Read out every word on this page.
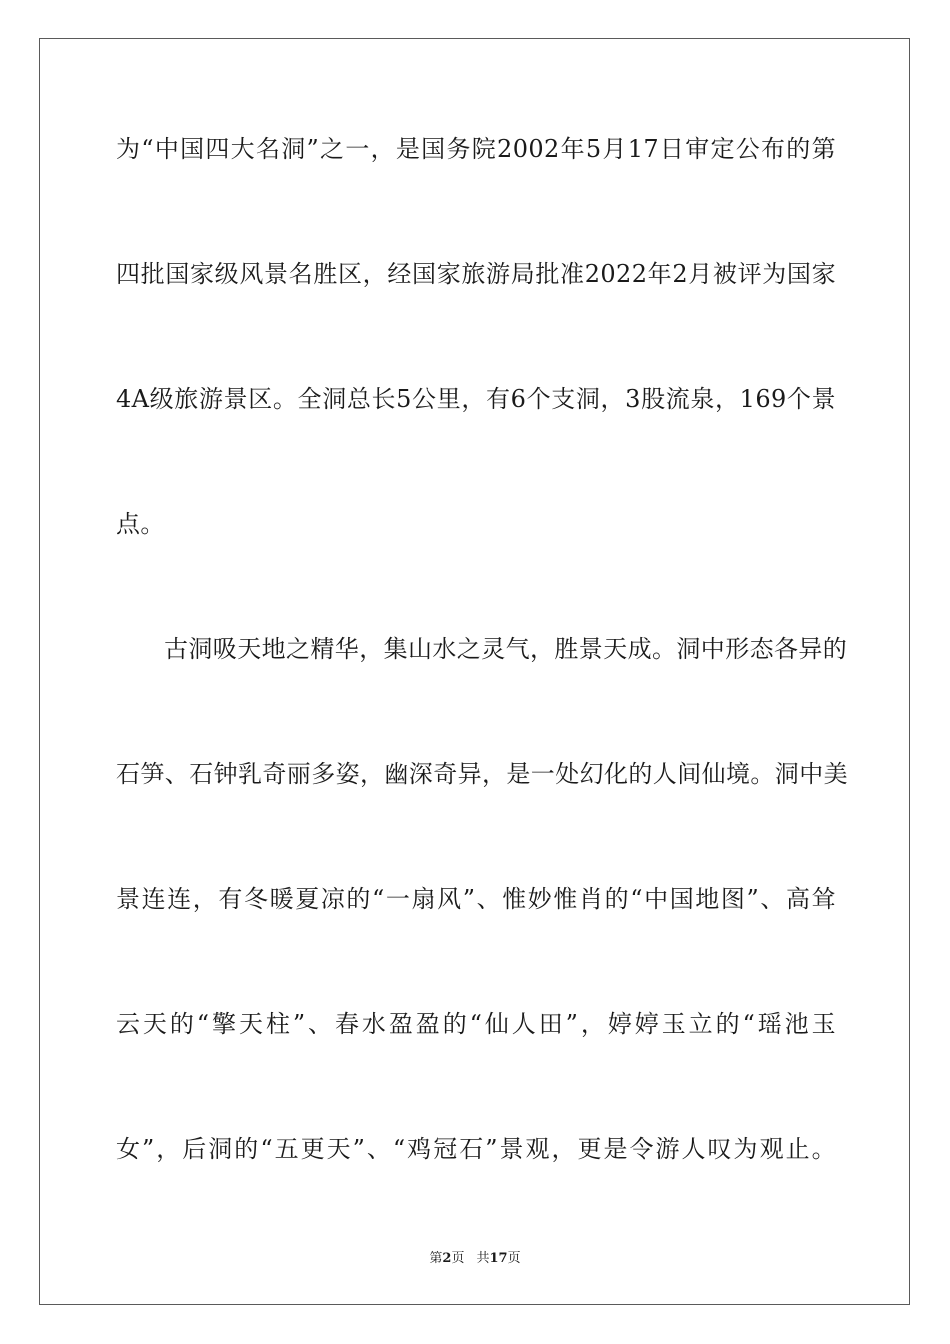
为“中国四大名洞”之一，是国务院2002年5月17日审定公布的第
四批国家级风景名胜区，经国家旅游局批准2022年2月被评为国家
4A级旅游景区。全洞总长5公里，有6个支洞，3股流泉，169个景
点。
古洞吸天地之精华，集山水之灵气，胜景天成。洞中形态各异的
石笋、石钟乳奇丽多姿，幽深奇异，是一处幻化的人间仙境。洞中美
景连连，有冬暖夏凉的“一扇风”、惟妙惟肖的“中国地图”、高耸
云天的“擎天柱”、春水盈盈的“仙人田”，婷婷玉立的“瑶池玉
女”，后洞的“五更天”、“鸡冠石”景观，更是令游人叹为观止。
第2页 共17页
